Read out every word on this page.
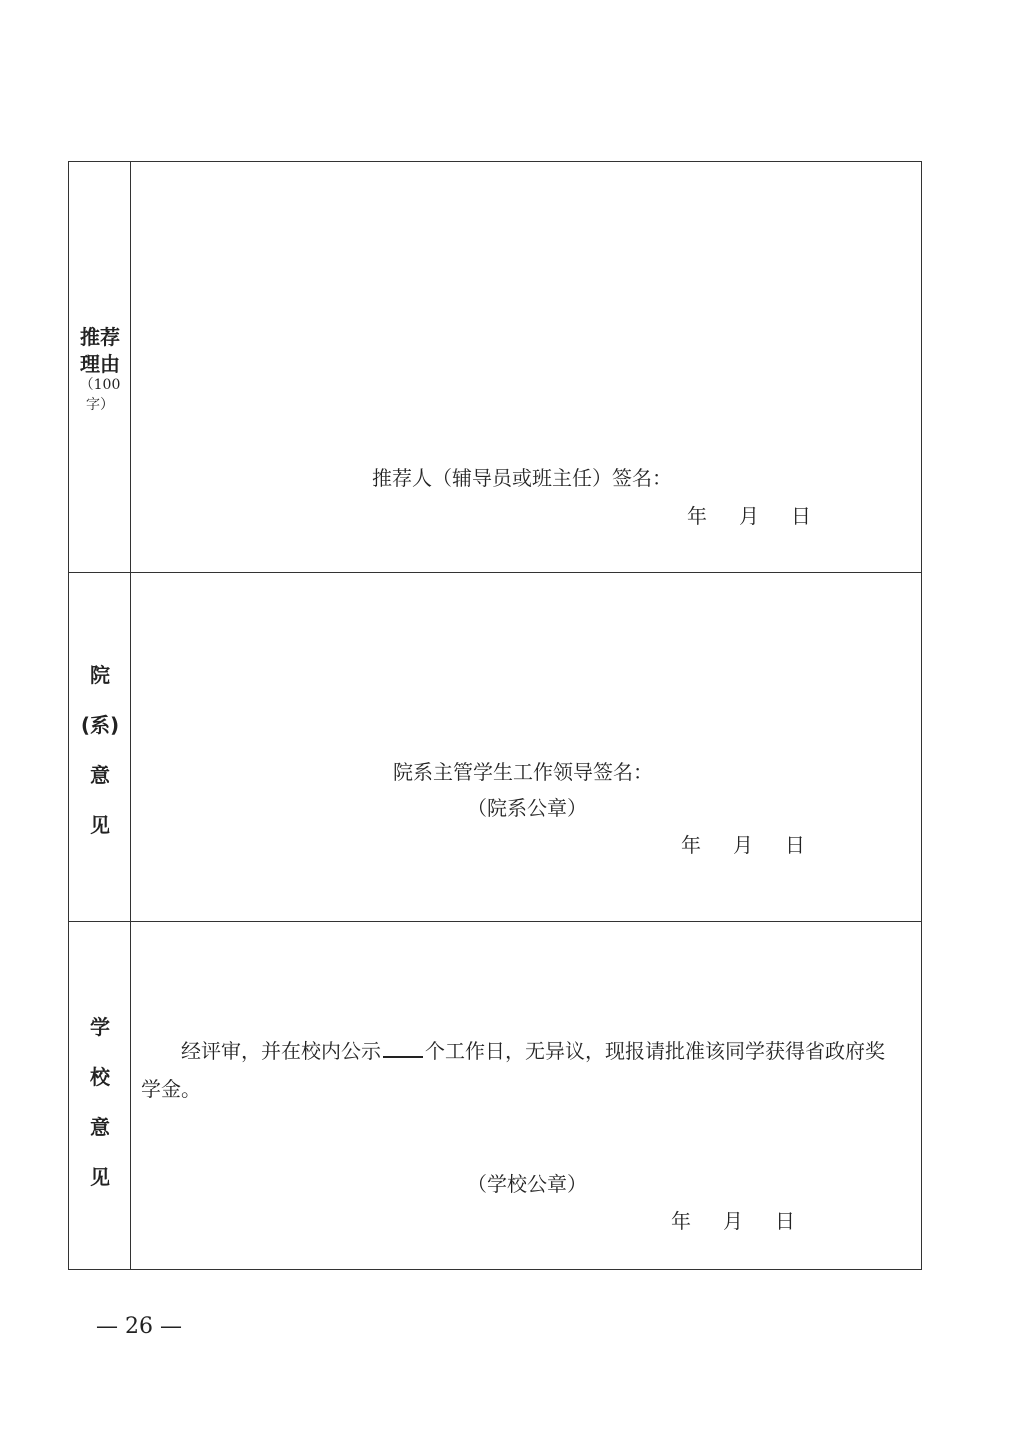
推荐
理由
（100
字）
推荐人（辅导员或班主任）签名：
年 月 日
院
(系)
意
见
院系主管学生工作领导签名：
（院系公章）
年 月 日
学
校
意
见
经评审，并在校内公示 个工作日，无异议，现报请批准该同学获得省政府奖
学金。
（学校公章）
年 月 日
— 26 —
